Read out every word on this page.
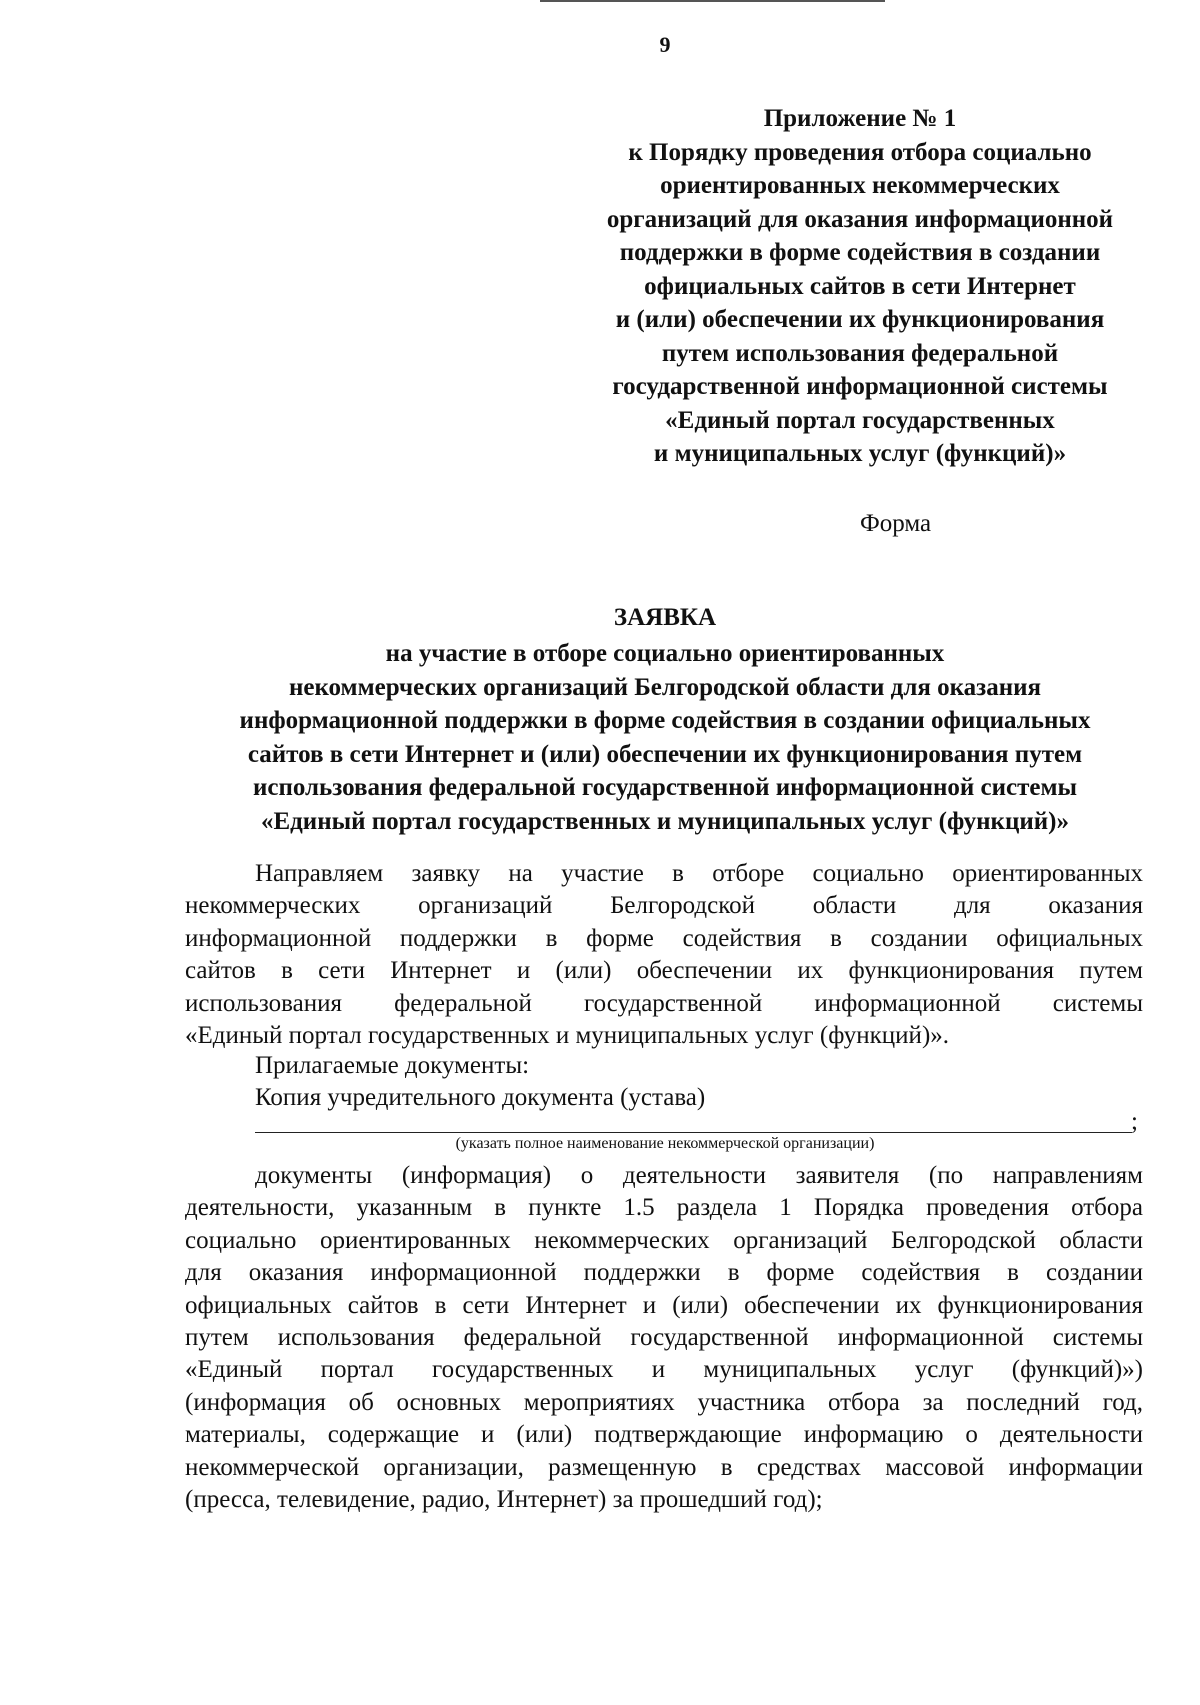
9
Приложение № 1
к Порядку проведения отбора социально
ориентированных некоммерческих
организаций для оказания информационной
поддержки в форме содействия в создании
официальных сайтов в сети Интернет
и (или) обеспечении их функционирования
путем использования федеральной
государственной информационной системы
«Единый портал государственных
и муниципальных услуг (функций)»
Форма
ЗАЯВКА
на участие в отборе социально ориентированных
некоммерческих организаций Белгородской области для оказания
информационной поддержки в форме содействия в создании официальных
сайтов в сети Интернет и (или) обеспечении их функционирования путем
использования федеральной государственной информационной системы
«Единый портал государственных и муниципальных услуг (функций)»
Направляем заявку на участие в отборе социально ориентированных
некоммерческих организаций Белгородской области для оказания
информационной поддержки в форме содействия в создании официальных
сайтов в сети Интернет и (или) обеспечении их функционирования путем
использования федеральной государственной информационной системы
«Единый портал государственных и муниципальных услуг (функций)».
Прилагаемые документы:
Копия учредительного документа (устава)
;
(указать полное наименование некоммерческой организации)
документы (информация) о деятельности заявителя (по направлениям
деятельности, указанным в пункте 1.5 раздела 1 Порядка проведения отбора
социально ориентированных некоммерческих организаций Белгородской области
для оказания информационной поддержки в форме содействия в создании
официальных сайтов в сети Интернет и (или) обеспечении их функционирования
путем использования федеральной государственной информационной системы
«Единый портал государственных и муниципальных услуг (функций)»)
(информация об основных мероприятиях участника отбора за последний год,
материалы, содержащие и (или) подтверждающие информацию о деятельности
некоммерческой организации, размещенную в средствах массовой информации
(пресса, телевидение, радио, Интернет) за прошедший год);
